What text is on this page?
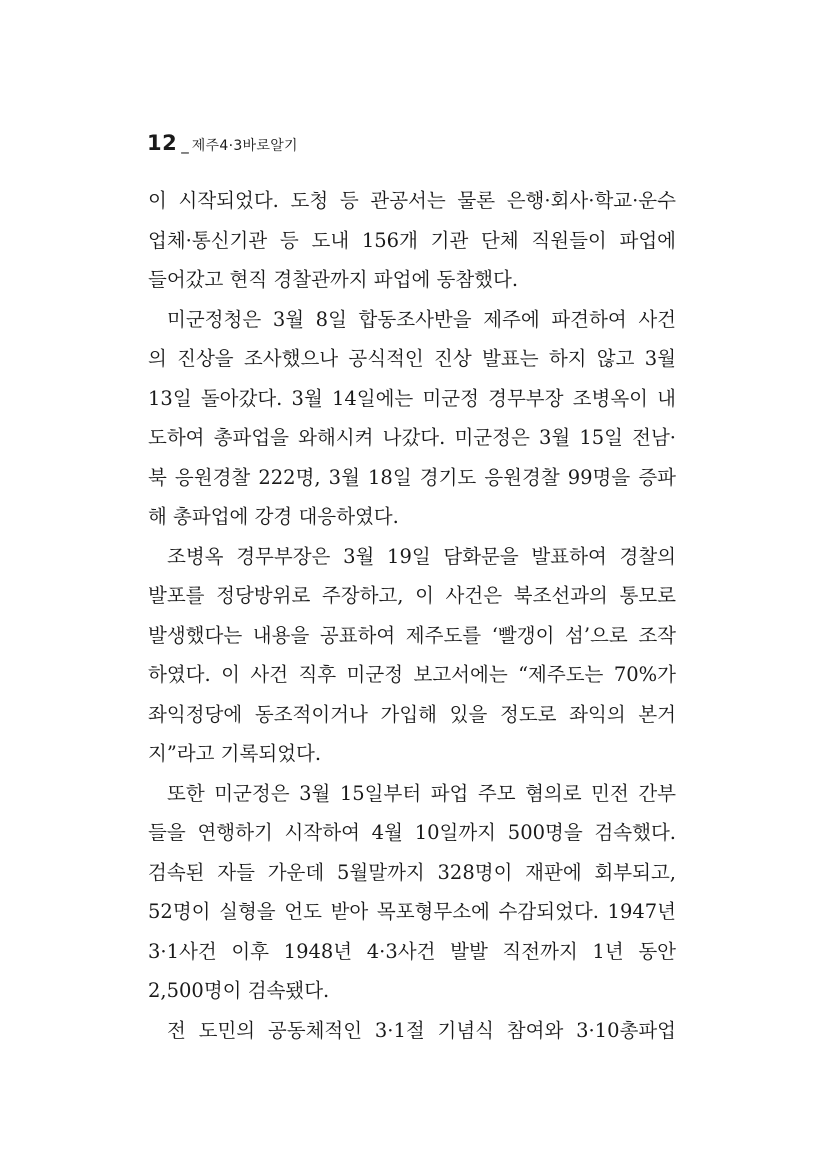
12 _ 제주4·3바로알기
이 시작되었다. 도청 등 관공서는 물론 은행·회사·학교·운수
업체·통신기관 등 도내 156개 기관 단체 직원들이 파업에
들어갔고 현직 경찰관까지 파업에 동참했다.
미군정청은 3월 8일 합동조사반을 제주에 파견하여 사건
의 진상을 조사했으나 공식적인 진상 발표는 하지 않고 3월
13일 돌아갔다. 3월 14일에는 미군정 경무부장 조병옥이 내
도하여 총파업을 와해시켜 나갔다. 미군정은 3월 15일 전남·
북 응원경찰 222명, 3월 18일 경기도 응원경찰 99명을 증파
해 총파업에 강경 대응하였다.
조병옥 경무부장은 3월 19일 담화문을 발표하여 경찰의
발포를 정당방위로 주장하고, 이 사건은 북조선과의 통모로
발생했다는 내용을 공표하여 제주도를 ‘빨갱이 섬’으로 조작
하였다. 이 사건 직후 미군정 보고서에는 “제주도는 70%가
좌익정당에 동조적이거나 가입해 있을 정도로 좌익의 본거
지”라고 기록되었다.
또한 미군정은 3월 15일부터 파업 주모 혐의로 민전 간부
들을 연행하기 시작하여 4월 10일까지 500명을 검속했다.
검속된 자들 가운데 5월말까지 328명이 재판에 회부되고,
52명이 실형을 언도 받아 목포형무소에 수감되었다. 1947년
3·1사건 이후 1948년 4·3사건 발발 직전까지 1년 동안
2,500명이 검속됐다.
전 도민의 공동체적인 3·1절 기념식 참여와 3·10총파업
